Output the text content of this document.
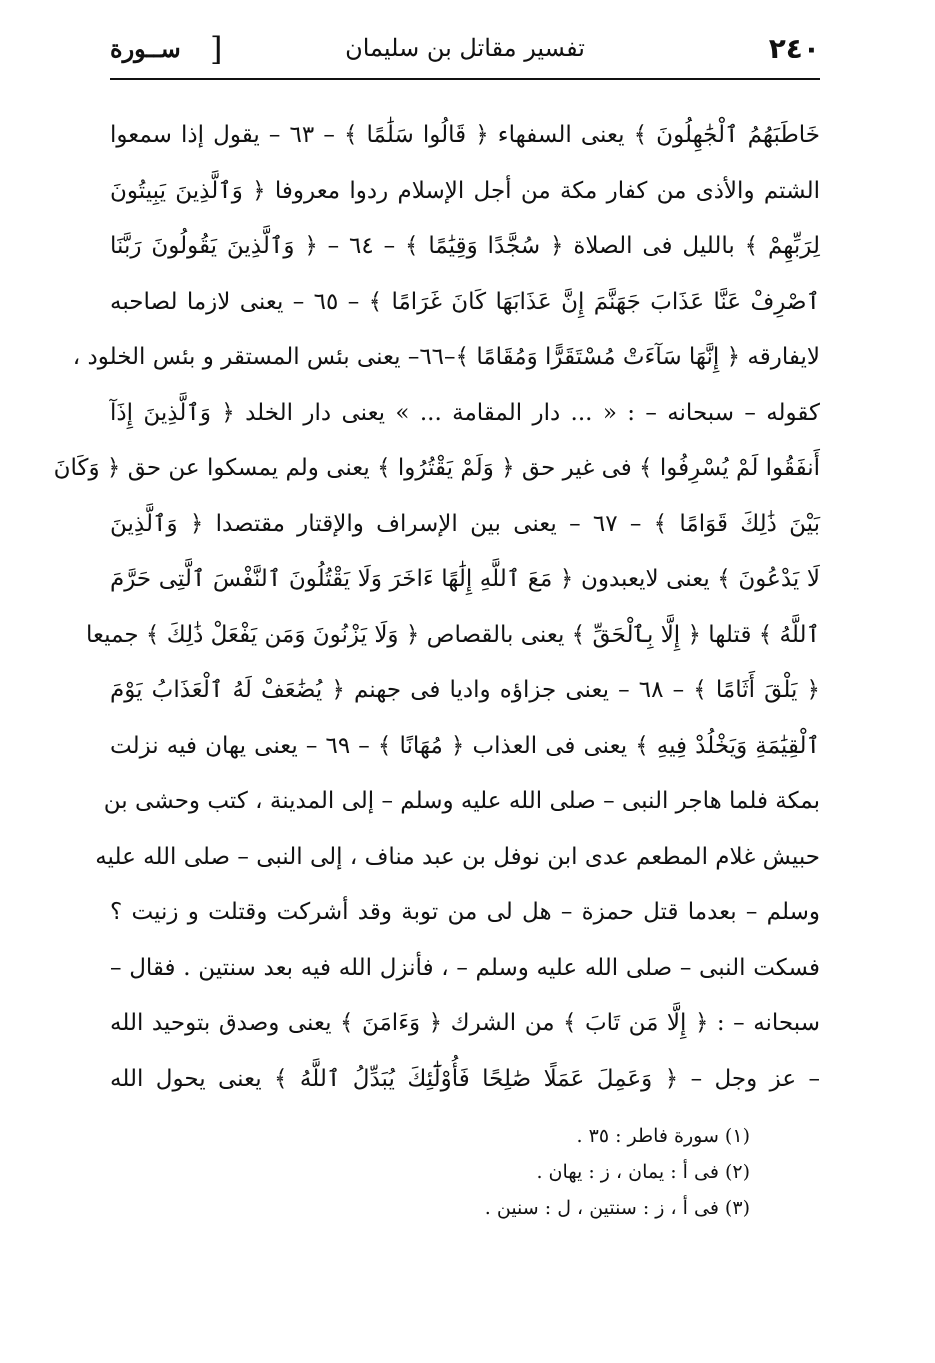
٢٤٠
تفسير مقاتل بن سليمان
[
ســورة
خَاطَبَهُمُ ٱلْجَٰهِلُونَ ﴾ يعنى السفهاء ﴿ قَالُوا سَلَٰمًا ﴾ – ٦٣ – يقول إذا سمعوا
الشتم والأذى من كفار مكة من أجل الإسلام ردوا معروفا ﴿ وَٱلَّذِينَ يَبِيتُونَ
لِرَبِّهِمْ ﴾ بالليل فى الصلاة ﴿ سُجَّدًا وَقِيَٰمًا ﴾ – ٦٤ – ﴿ وَٱلَّذِينَ يَقُولُونَ رَبَّنَا
ٱصْرِفْ عَنَّا عَذَابَ جَهَنَّمَ إِنَّ عَذَابَهَا كَانَ غَرَامًا ﴾ – ٦٥ – يعنى لازما لصاحبه
لايفارقه ﴿ إِنَّهَا سَآءَتْ مُسْتَقَرًّا وَمُقَامًا ﴾–٦٦– يعنى بئس المستقر و بئس الخلود ،
كقوله – سبحانه – : « ... دار المقامة ... » يعنى دار الخلد ﴿ وَٱلَّذِينَ إِذَآ
أَنفَقُوا لَمْ يُسْرِفُوا ﴾ فى غير حق ﴿ وَلَمْ يَقْتُرُوا ﴾ يعنى ولم يمسكوا عن حق ﴿ وَكَانَ
بَيْنَ ذَٰلِكَ قَوَامًا ﴾ – ٦٧ – يعنى بين الإسراف والإقتار مقتصدا ﴿ وَٱلَّذِينَ
لَا يَدْعُونَ ﴾ يعنى لايعبدون ﴿ مَعَ ٱللَّهِ إِلَٰهًا ءَاخَرَ وَلَا يَقْتُلُونَ ٱلنَّفْسَ ٱلَّتِى حَرَّمَ
ٱللَّهُ ﴾ قتلها ﴿ إِلَّا بِٱلْحَقِّ ﴾ يعنى بالقصاص ﴿ وَلَا يَزْنُونَ وَمَن يَفْعَلْ ذَٰلِكَ ﴾ جميعا
﴿ يَلْقَ أَثَامًا ﴾ – ٦٨ – يعنى جزاؤه واديا فى جهنم ﴿ يُضَٰعَفْ لَهُ ٱلْعَذَابُ يَوْمَ
ٱلْقِيَٰمَةِ وَيَخْلُدْ فِيهِ ﴾ يعنى فى العذاب ﴿ مُهَانًا ﴾ – ٦٩ – يعنى يهان فيه نزلت
بمكة فلما هاجر النبى – صلى الله عليه وسلم – إلى المدينة ، كتب وحشى بن
حبيش غلام المطعم عدى ابن نوفل بن عبد مناف ، إلى النبى – صلى الله عليه
وسلم – بعدما قتل حمزة – هل لى من توبة وقد أشركت وقتلت و زنيت ؟
فسكت النبى – صلى الله عليه وسلم – ، فأنزل الله فيه بعد سنتين . فقال –
سبحانه – : ﴿ إِلَّا مَن تَابَ ﴾ من الشرك ﴿ وَءَامَنَ ﴾ يعنى وصدق بتوحيد الله
– عز وجل – ﴿ وَعَمِلَ عَمَلًا صَٰلِحًا فَأُوْلَٰٓئِكَ يُبَدِّلُ ٱللَّهُ ﴾ يعنى يحول الله
(١) سورة فاطر : ٣٥ .
(٢) فى أ : يمان ، ز : يهان .
(٣) فى أ ، ز : سنتين ، ل : سنين .
